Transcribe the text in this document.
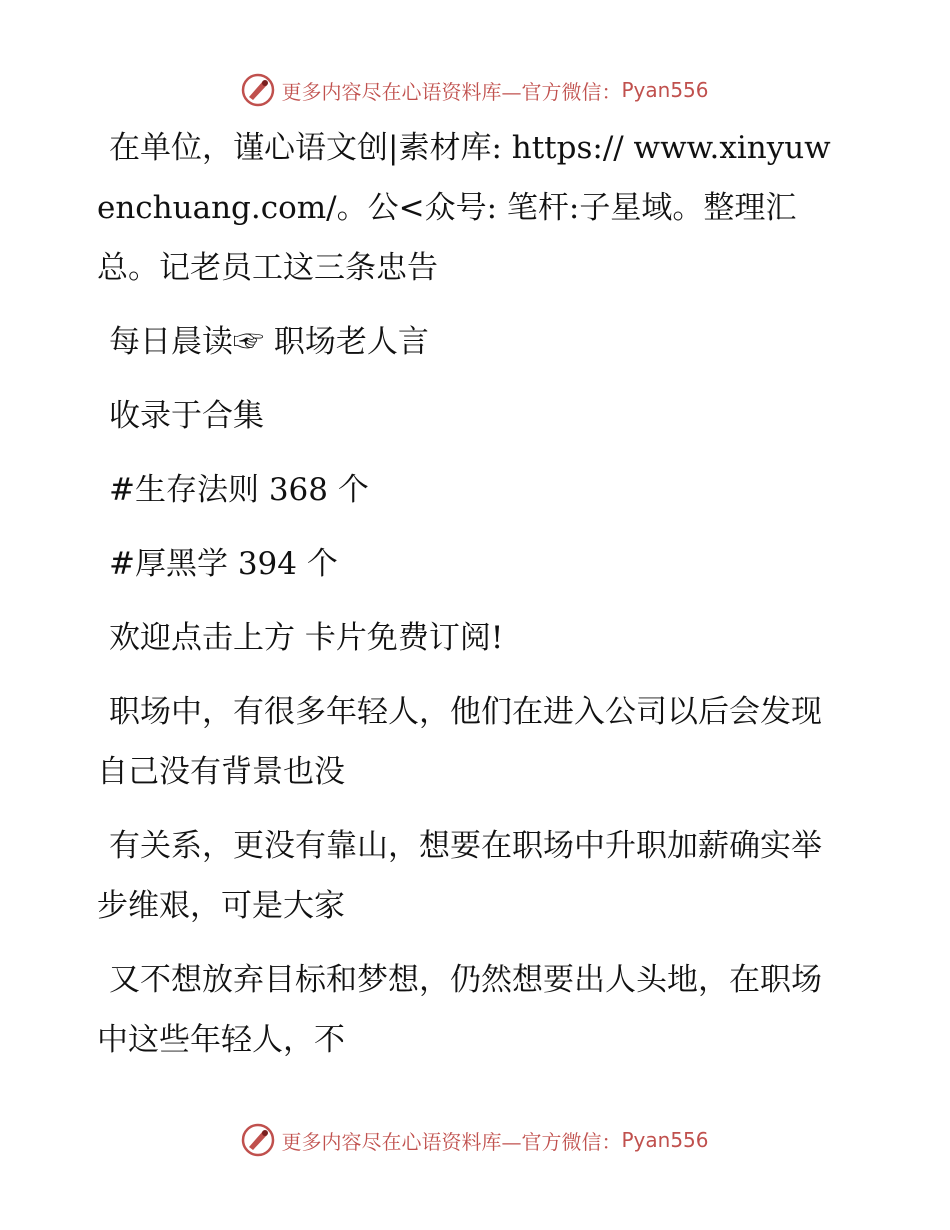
更多内容尽在心语资料库—官方微信： Pyan556

在单位，谨心语文创|素材库: https:// www.xinyuwenchuang.com/。公<众号: 笔杆:子星域。整理汇总。记老员工这三条忠告

每日晨读☞ 职场老人言

收录于合集

#生存法则 368 个

#厚黑学 394 个

欢迎点击上方 卡片免费订阅!

职场中，有很多年轻人，他们在进入公司以后会发现自己没有背景也没

有关系，更没有靠山，想要在职场中升职加薪确实举步维艰，可是大家

又不想放弃目标和梦想，仍然想要出人头地，在职场中这些年轻人，不

更多内容尽在心语资料库—官方微信： Pyan556
